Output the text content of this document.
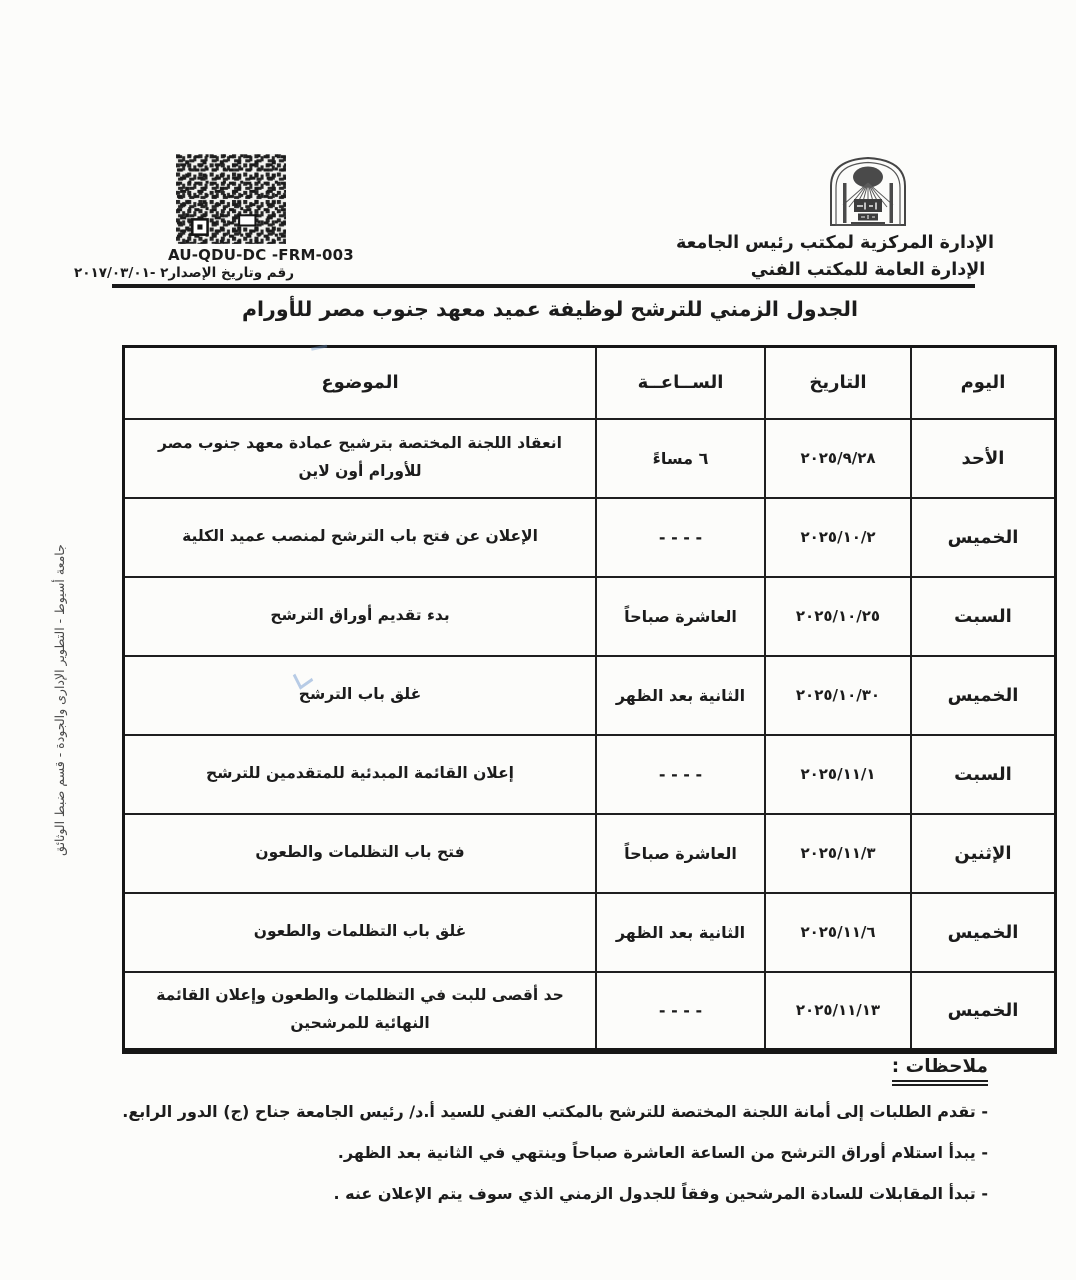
AU-QDU-DC -FRM-003
رقم وتاريخ الإصدار٢ -٢٠١٧/٠٣/٠١
الإدارة المركزية لمكتب رئيس الجامعة
الإدارة العامة للمكتب الفني
الجدول الزمني للترشح لوظيفة عميد معهد جنوب مصر للأورام
اليوم	التاريخ	الســاعــة	الموضوع
الأحد	٢٠٢٥/٩/٢٨	٦ مساءً	انعقاد اللجنة المختصة بترشيح عمادة معهد جنوب مصر للأورام أون لاين
الخميس	٢٠٢٥/١٠/٢	- - - -	الإعلان عن فتح باب الترشح لمنصب عميد الكلية
السبت	٢٠٢٥/١٠/٢٥	العاشرة صباحاً	بدء تقديم أوراق الترشح
الخميس	٢٠٢٥/١٠/٣٠	الثانية بعد الظهر	غلق باب الترشح
السبت	٢٠٢٥/١١/١	- - - -	إعلان القائمة المبدئية للمتقدمين للترشح
الإثنين	٢٠٢٥/١١/٣	العاشرة صباحاً	فتح باب التظلمات والطعون
الخميس	٢٠٢٥/١١/٦	الثانية بعد الظهر	غلق باب التظلمات والطعون
الخميس	٢٠٢٥/١١/١٣	- - - -	حد أقصى للبت في التظلمات والطعون وإعلان القائمة النهائية للمرشحين
جامعة أسيوط - التطوير الإدارى والجودة - قسم ضبط الوثائق
ملاحظات :
- تقدم الطلبات إلى أمانة اللجنة المختصة للترشح بالمكتب الفني للسيد أ.د/ رئيس الجامعة جناح (ج) الدور الرابع.
- يبدأ استلام أوراق الترشح من الساعة العاشرة صباحاً وينتهي في الثانية بعد الظهر.
- تبدأ المقابلات للسادة المرشحين وفقاً للجدول الزمني الذي سوف يتم الإعلان عنه .
